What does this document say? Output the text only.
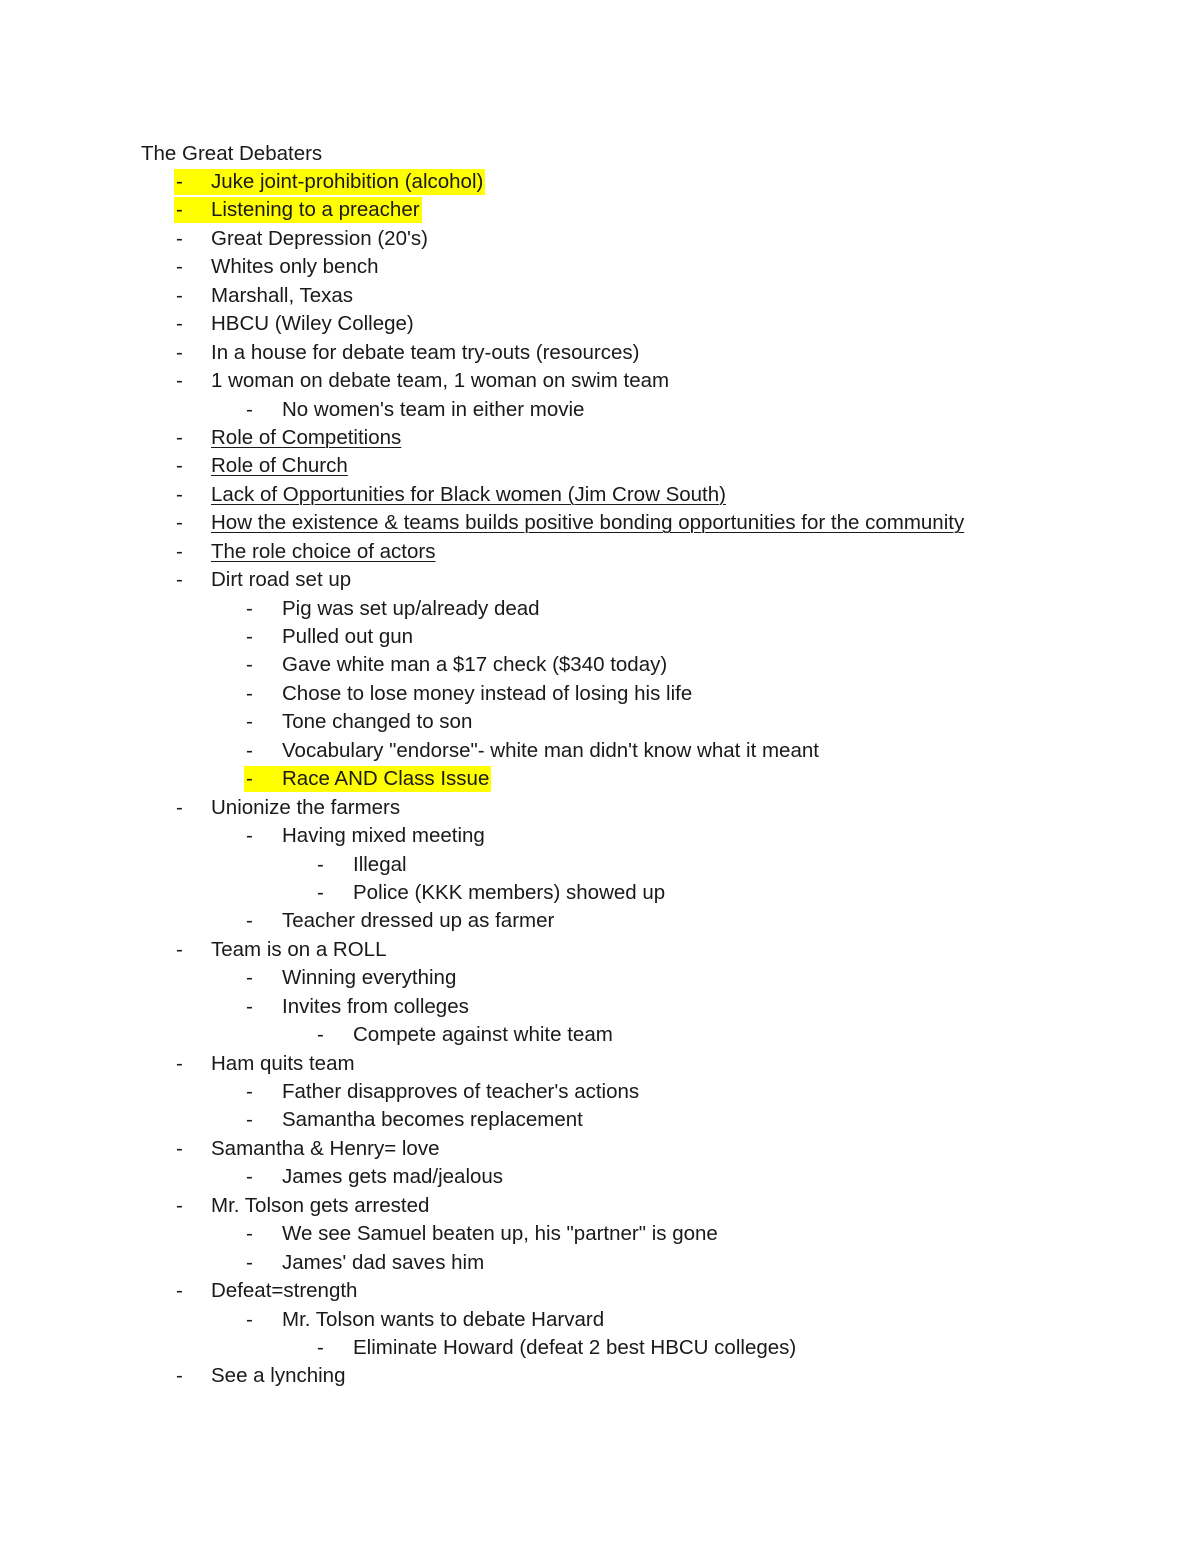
The Great Debaters
- Juke joint-prohibition (alcohol)
- Listening to a preacher
- Great Depression (20's)
- Whites only bench
- Marshall, Texas
- HBCU (Wiley College)
- In a house for debate team try-outs (resources)
- 1 woman on debate team, 1 woman on swim team
- No women's team in either movie
- Role of Competitions
- Role of Church
- Lack of Opportunities for Black women (Jim Crow South)
- How the existence & teams builds positive bonding opportunities for the community
- The role choice of actors
- Dirt road set up
- Pig was set up/already dead
- Pulled out gun
- Gave white man a $17 check ($340 today)
- Chose to lose money instead of losing his life
- Tone changed to son
- Vocabulary "endorse"- white man didn't know what it meant
- Race AND Class Issue
- Unionize the farmers
- Having mixed meeting
- Illegal
- Police (KKK members) showed up
- Teacher dressed up as farmer
- Team is on a ROLL
- Winning everything
- Invites from colleges
- Compete against white team
- Ham quits team
- Father disapproves of teacher's actions
- Samantha becomes replacement
- Samantha & Henry= love
- James gets mad/jealous
- Mr. Tolson gets arrested
- We see Samuel beaten up, his "partner" is gone
- James' dad saves him
- Defeat=strength
- Mr. Tolson wants to debate Harvard
- Eliminate Howard (defeat 2 best HBCU colleges)
- See a lynching
